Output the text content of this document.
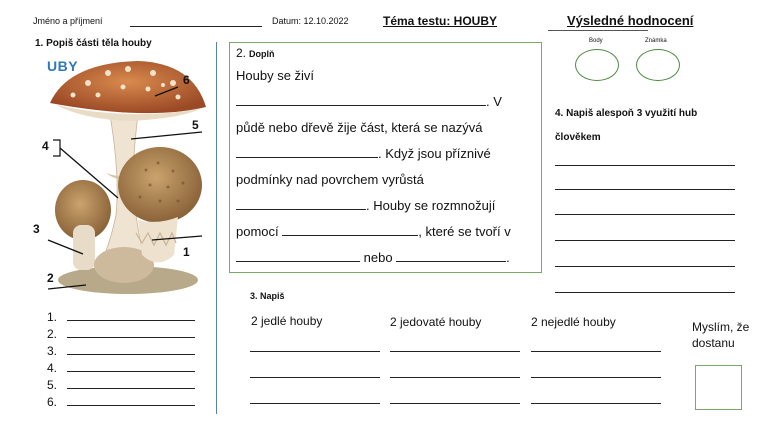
Jméno a příjmení	Datum: 12.10.2022	Téma testu: HOUBY	Výsledné hodnocení
Body	Známka
1. Popiš části těla houby
UBY
6
5
4
3
1
2
1.
2.
3.
4.
5.
6.
2. Doplň
Houby se živí
. V
půdě nebo dřevě žije část, která se nazývá
. Když jsou příznivé
podmínky nad povrchem vyrůstá
. Houby se rozmnožují
pomocí	, které se tvoří v
nebo	.
3. Napiš
2 jedlé houby	2 jedovaté houby	2 nejedlé houby
4. Napiš alespoň 3 využití hub
člověkem
Myslím, že
dostanu
